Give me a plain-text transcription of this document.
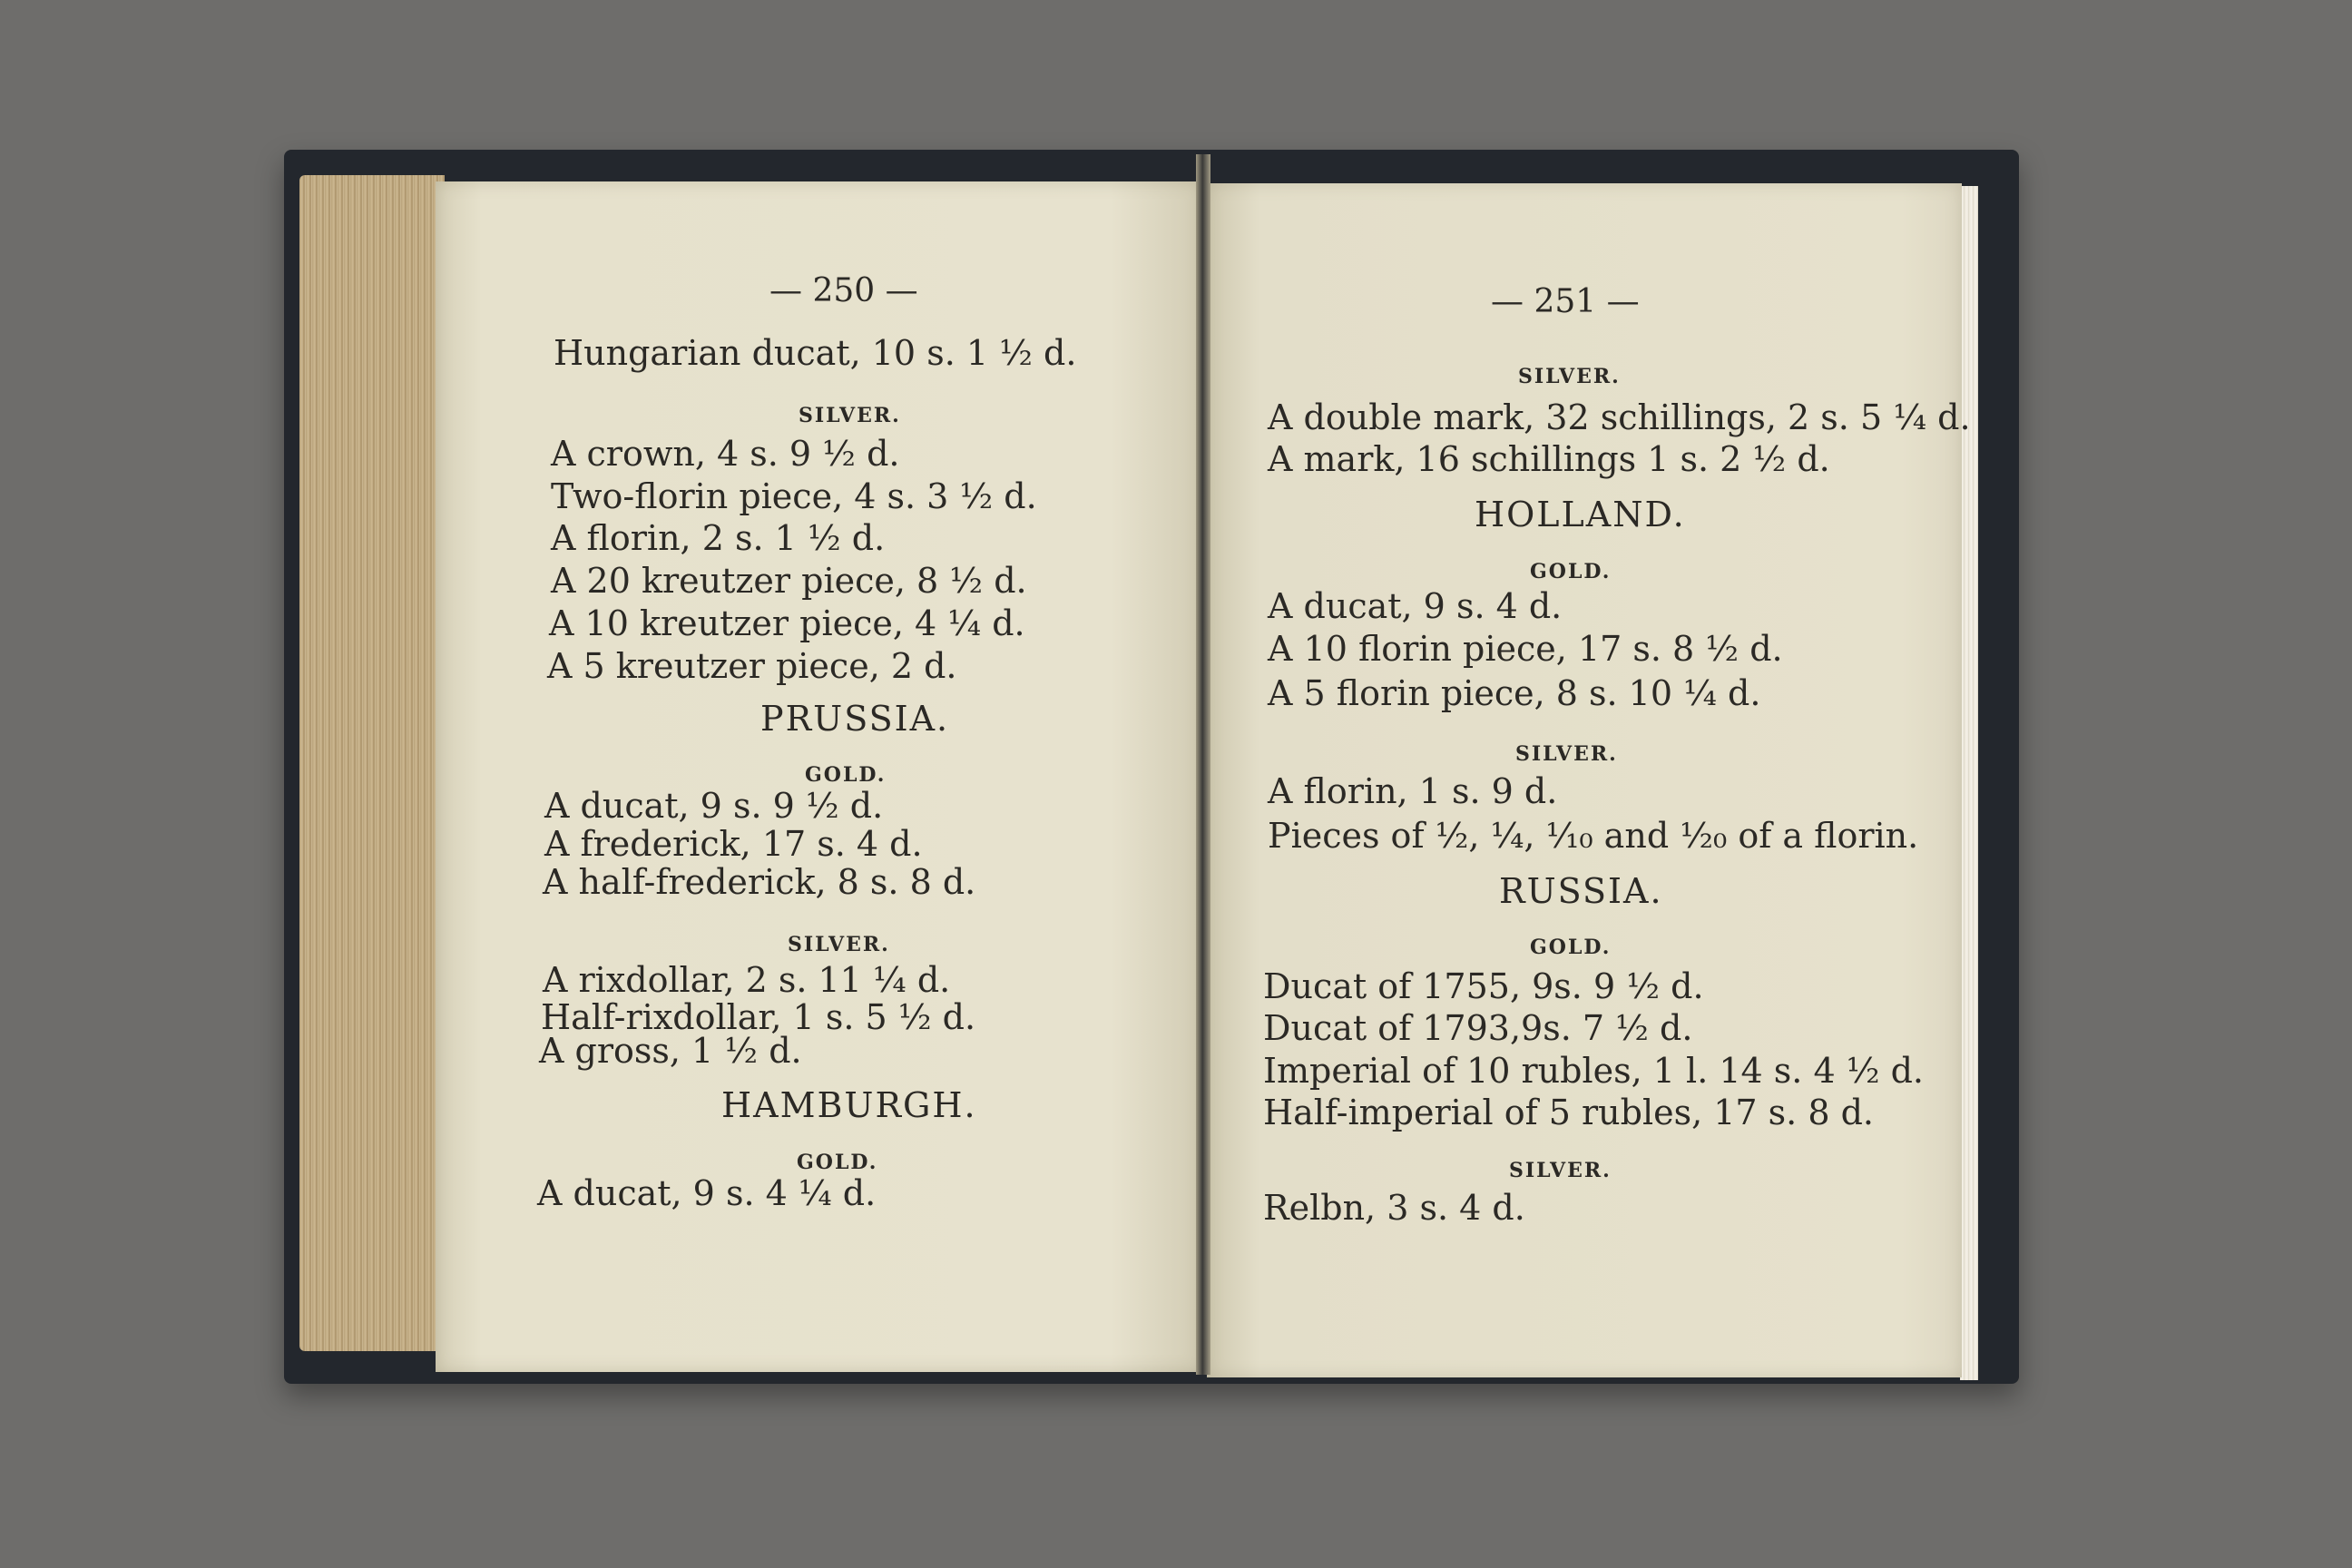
— 250 —
Hungarian ducat, 10 s. 1 ½ d.
SILVER.
A crown, 4 s. 9 ½ d.
Two-florin piece, 4 s. 3 ½ d.
A florin, 2 s. 1 ½ d.
A 20 kreutzer piece, 8 ½ d.
A 10 kreutzer piece, 4 ¼ d.
A 5 kreutzer piece, 2 d.
PRUSSIA.
GOLD.
A ducat, 9 s. 9 ½ d.
A frederick, 17 s. 4 d.
A half-frederick, 8 s. 8 d.
SILVER.
A rixdollar, 2 s. 11 ¼ d.
Half-rixdollar, 1 s. 5 ½ d.
A gross, 1 ½ d.
HAMBURGH.
GOLD.
A ducat, 9 s. 4 ¼ d.
— 251 —
SILVER.
A double mark, 32 schillings, 2 s. 5 ¼ d.
A mark, 16 schillings 1 s. 2 ½ d.
HOLLAND.
GOLD.
A ducat, 9 s. 4 d.
A 10 florin piece, 17 s. 8 ½ d.
A 5 florin piece, 8 s. 10 ¼ d.
SILVER.
A florin, 1 s. 9 d.
Pieces of ½, ¼, ¹⁄₁₀ and ¹⁄₂₀ of a florin.
RUSSIA.
GOLD.
Ducat of 1755, 9s. 9 ½ d.
Ducat of 1793,9s. 7 ½ d.
Imperial of 10 rubles, 1 l. 14 s. 4 ½ d.
Half-imperial of 5 rubles, 17 s. 8 d.
SILVER.
Relbn, 3 s. 4 d.
